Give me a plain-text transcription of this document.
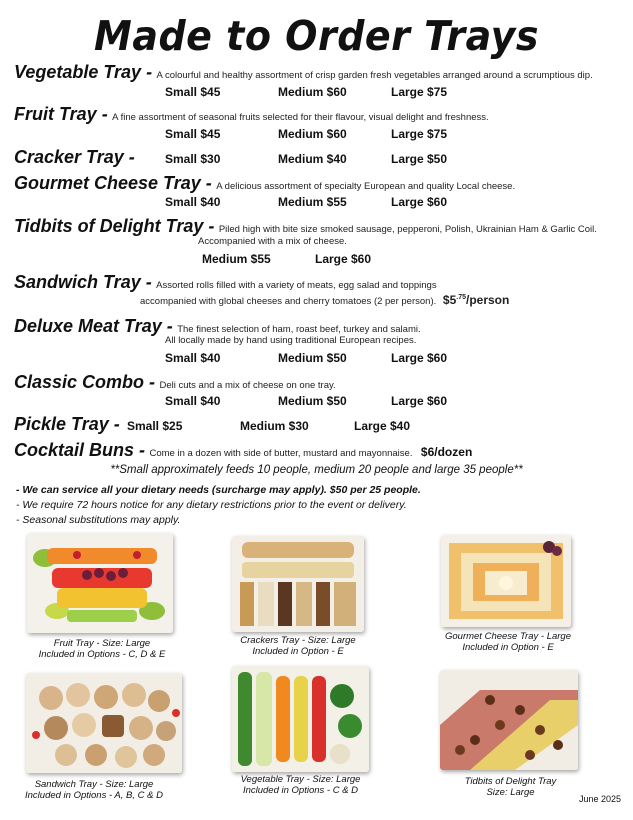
Made to Order Trays
Vegetable Tray - A colourful and healthy assortment of crisp garden fresh vegetables arranged around a scrumptious dip.
Small $45	Medium $60	Large $75
Fruit Tray - A fine assortment of seasonal fruits selected for their flavour, visual delight and freshness.
Small $45	Medium $60	Large $75
Cracker Tray -	Small $30	Medium $40	Large $50
Gourmet Cheese Tray - A delicious assortment of specialty European and quality Local cheese.
Small $40	Medium $55	Large $60
Tidbits of Delight Tray - Piled high with bite size smoked sausage, pepperoni, Polish, Ukrainian Ham & Garlic Coil.
Accompanied with a mix of cheese.
Medium $55	Large $60
Sandwich Tray - Assorted rolls filled with a variety of meats, egg salad and toppings
accompanied with global cheeses and cherry tomatoes (2 per person). $\$5^{.75}$/person
Deluxe Meat Tray - The finest selection of ham, roast beef, turkey and salami.
All locally made by hand using traditional European recipes.
Small $40	Medium $50	Large $60
Classic Combo - Deli cuts and a mix of cheese on one tray.
Small $40	Medium $50	Large $60
Pickle Tray - Small $25	Medium $30	Large $40
Cocktail Buns - Come in a dozen with side of butter, mustard and mayonnaise. $6/dozen
**Small approximately feeds 10 people, medium 20 people and large 35 people**
- We can service all your dietary needs (surcharge may apply). $50 per 25 people.
- We require 72 hours notice for any dietary restrictions prior to the event or delivery.
- Seasonal substitutions may apply.
Fruit Tray - Size: Large
Included in Options - C, D & E
Crackers Tray - Size: Large
Included in Option - E
Gourmet Cheese Tray - Large
Included in Option - E
Sandwich Tray - Size: Large
Included in Options - A, B, C & D
Vegetable Tray - Size: Large
Included in Options - C & D
Tidbits of Delight Tray
Size: Large
June 2025
